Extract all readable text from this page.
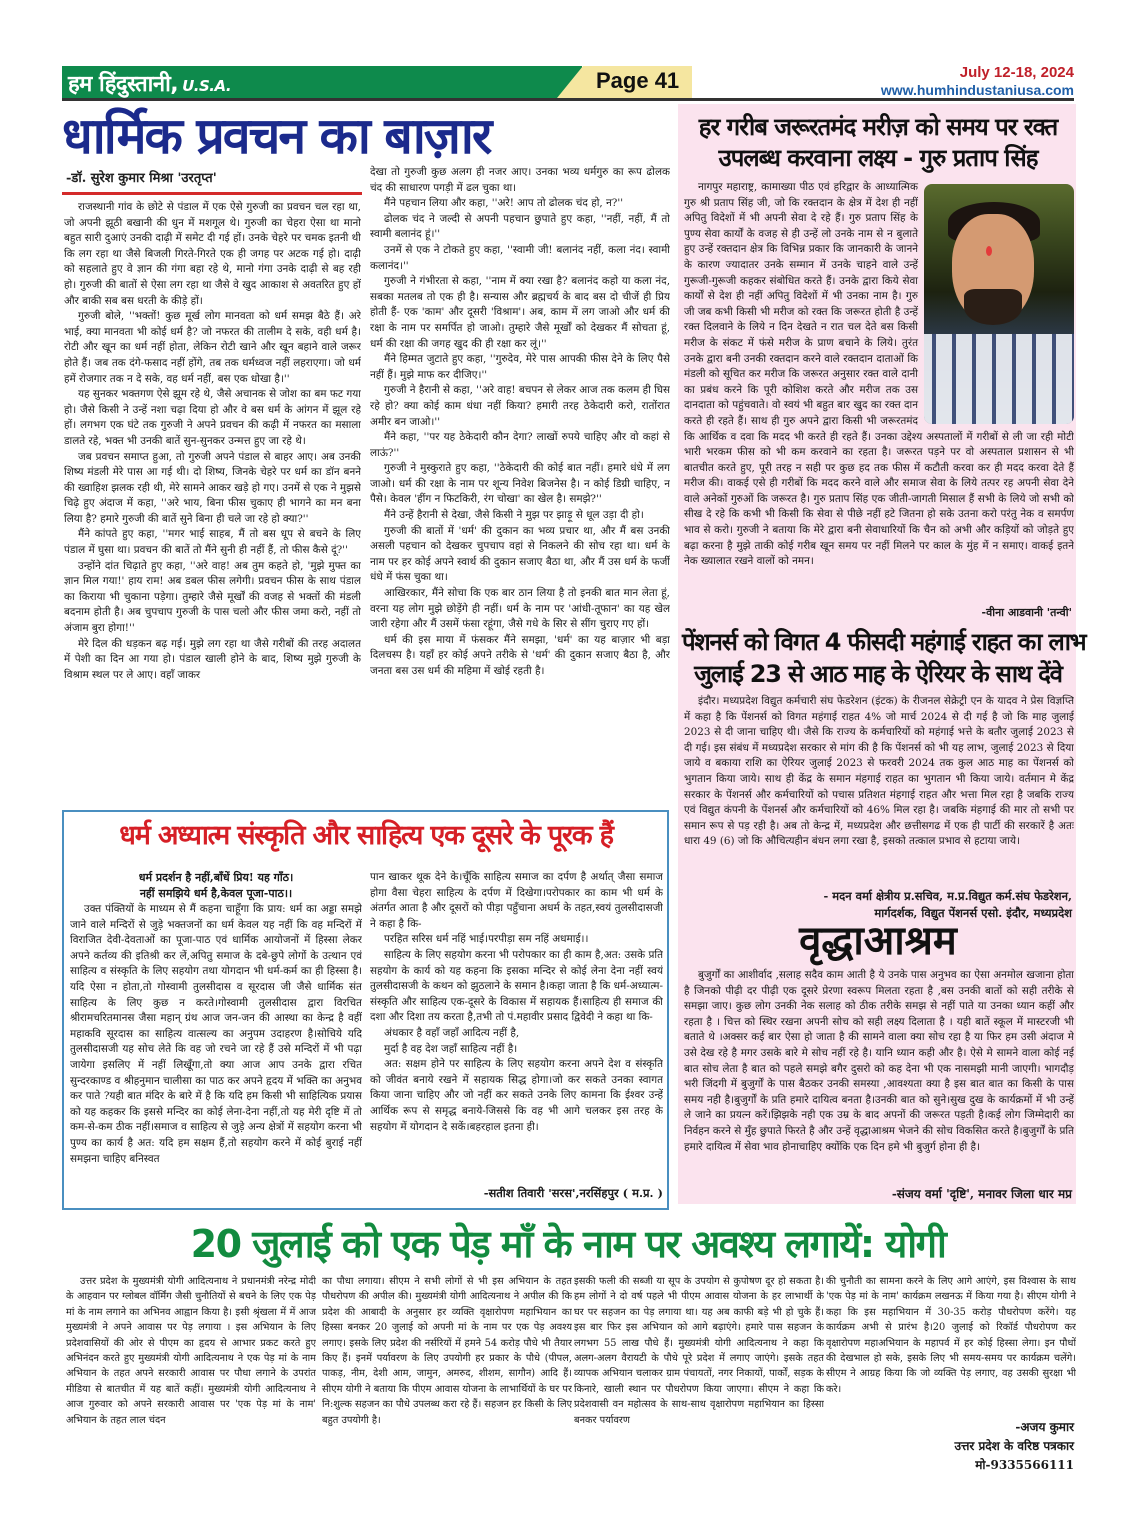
हम हिंदुस्तानी, U.S.A.	Page 41	July 12-18, 2024
www.humhindustaniusa.com
धार्मिक प्रवचन का बाज़ार
-डॉ. सुरेश कुमार मिश्रा 'उरतृप्त'

राजस्थानी गांव के छोटे से पंडाल में एक ऐसे गुरुजी का प्रवचन चल रहा था, जो अपनी झूठी बखानी की धुन में मशगूल थे। गुरुजी का चेहरा ऐसा था मानो बहुत सारी दुआएं उनकी दाढ़ी में समेट दी गई हों। उनके चेहरे पर चमक इतनी थी कि लग रहा था जैसे बिजली गिरते-गिरते एक ही जगह पर अटक गई हो। दाढ़ी को सहलाते हुए वे ज्ञान की गंगा बहा रहे थे, मानो गंगा उनके दाढ़ी से बह रही हो। गुरुजी की बातों से ऐसा लग रहा था जैसे वे खुद आकाश से अवतरित हुए हों और बाकी सब बस धरती के कीड़े हों।

गुरुजी बोले, ''भक्तों! कुछ मूर्ख लोग मानवता को धर्म समझ बैठे हैं। अरे भाई, क्या मानवता भी कोई धर्म है? जो नफरत की तालीम दे सके, वही धर्म है। रोटी और खून का धर्म नहीं होता, लेकिन रोटी खाने और खून बहाने वाले जरूर होते हैं। जब तक दंगे-फसाद नहीं होंगे, तब तक धर्मध्वज नहीं लहराएगा। जो धर्म हमें रोजगार तक न दे सके, वह धर्म नहीं, बस एक धोखा है।''

यह सुनकर भक्तगण ऐसे झूम रहे थे, जैसे अचानक से जोश का बम फट गया हो। जैसे किसी ने उन्हें नशा चढ़ा दिया हो और वे बस धर्म के आंगन में झूल रहे हों। लगभग एक घंटे तक गुरुजी ने अपने प्रवचन की कढ़ी में नफरत का मसाला डालते रहे, भक्त भी उनकी बातें सुन-सुनकर उन्मत्त हुए जा रहे थे।

जब प्रवचन समाप्त हुआ, तो गुरुजी अपने पंडाल से बाहर आए। अब उनकी शिष्य मंडली मेरे पास आ गई थी। दो शिष्य, जिनके चेहरे पर धर्म का डॉन बनने की ख्वाहिश झलक रही थी, मेरे सामने आकर खड़े हो गए। उनमें से एक ने मुझसे चिढ़े हुए अंदाज में कहा, ''अरे भाय, बिना फीस चुकाए ही भागने का मन बना लिया है? हमारे गुरुजी की बातें सुने बिना ही चले जा रहे हो क्या?''

मैंने कांपते हुए कहा, ''मगर भाई साहब, मैं तो बस धूप से बचने के लिए पंडाल में घुसा था। प्रवचन की बातें तो मैंने सुनी ही नहीं हैं, तो फीस कैसे दूं?''

उन्होंने दांत चिढ़ाते हुए कहा, ''अरे वाह! अब तुम कहते हो, 'मुझे मुफ्त का ज्ञान मिल गया!' हाय राम! अब डबल फीस लगेगी। प्रवचन फीस के साथ पंडाल का किराया भी चुकाना पड़ेगा। तुम्हारे जैसे मूर्खों की वजह से भक्तों की मंडली बदनाम होती है। अब चुपचाप गुरुजी के पास चलो और फीस जमा करो, नहीं तो अंजाम बुरा होगा!''

मेरे दिल की धड़कन बढ़ गई। मुझे लग रहा था जैसे गरीबों की तरह अदालत में पेशी का दिन आ गया हो। पंडाल खाली होने के बाद, शिष्य मुझे गुरुजी के विश्राम स्थल पर ले आए। वहाँ जाकर

देखा तो गुरुजी कुछ अलग ही नजर आए। उनका भव्य धर्मगुरु का रूप ढोलक चंद की साधारण पगड़ी में ढल चुका था।

मैंने पहचान लिया और कहा, ''अरे! आप तो ढोलक चंद हो, न?''

ढोलक चंद ने जल्दी से अपनी पहचान छुपाते हुए कहा, ''नहीं, नहीं, मैं तो स्वामी बलानंद हूं।''

उनमें से एक ने टोकते हुए कहा, ''स्वामी जी! बलानंद नहीं, कला नंद। स्वामी कलानंद।''

गुरुजी ने गंभीरता से कहा, ''नाम में क्या रखा है? बलानंद कहो या कला नंद, सबका मतलब तो एक ही है। सन्यास और ब्रह्मचर्य के बाद बस दो चीजें ही प्रिय होती हैं- एक 'काम' और दूसरी 'विश्राम'। अब, काम में लग जाओ और धर्म की रक्षा के नाम पर समर्पित हो जाओ। तुम्हारे जैसे मूर्खों को देखकर मैं सोचता हूं, धर्म की रक्षा की जगह खुद की ही रक्षा कर लूं।''

मैंने हिम्मत जुटाते हुए कहा, ''गुरुदेव, मेरे पास आपकी फीस देने के लिए पैसे नहीं हैं। मुझे माफ कर दीजिए।''

गुरुजी ने हैरानी से कहा, ''अरे वाह! बचपन से लेकर आज तक कलम ही घिस रहे हो? क्या कोई काम धंधा नहीं किया? हमारी तरह ठेकेदारी करो, रातोंरात अमीर बन जाओ।''

मैंने कहा, ''पर यह ठेकेदारी कौन देगा? लाखों रुपये चाहिए और वो कहां से लाऊं?''

गुरुजी ने मुस्कुराते हुए कहा, ''ठेकेदारी की कोई बात नहीं। हमारे धंधे में लग जाओ। धर्म की रक्षा के नाम पर शून्य निवेश बिजनेस है। न कोई डिग्री चाहिए, न पैसे। केवल 'हींग न फिटकिरी, रंग चोखा' का खेल है। समझे?''

मैंने उन्हें हैरानी से देखा, जैसे किसी ने मुझ पर झाड़ू से धूल उड़ा दी हो।

गुरुजी की बातों में 'धर्म' की दुकान का भव्य प्रचार था, और मैं बस उनकी असली पहचान को देखकर चुपचाप वहां से निकलने की सोच रहा था। धर्म के नाम पर हर कोई अपने स्वार्थ की दुकान सजाए बैठा था, और मैं उस धर्म के फर्जी धंधे में फंस चुका था।

आखिरकार, मैंने सोचा कि एक बार ठान लिया है तो इनकी बात मान लेता हूं, वरना यह लोग मुझे छोड़ेंगे ही नहीं। धर्म के नाम पर 'आंधी-तूफान' का यह खेल जारी रहेगा और मैं उसमें फंसा रहूंगा, जैसे गधे के सिर से सींग चुराए गए हों।

धर्म की इस माया में फंसकर मैंने समझा, 'धर्म' का यह बाज़ार भी बड़ा दिलचस्प है। यहाँ हर कोई अपने तरीके से 'धर्म' की दुकान सजाए बैठा है, और जनता बस उस धर्म की महिमा में खोई रहती है।

हर गरीब जरूरतमंद मरीज़ को समय पर रक्त उपलब्ध करवाना लक्ष्य - गुरु प्रताप सिंह

नागपुर महाराष्ट्र, कामाख्या पीठ एवं हरिद्वार के आध्यात्मिक गुरु श्री प्रताप सिंह जी, जो कि रक्तदान के क्षेत्र में देश ही नहीं अपितु विदेशों में भी अपनी सेवा दे रहे हैं। गुरु प्रताप सिंह के पुण्य सेवा कार्यों के वजह से ही उन्हें लो उनके नाम से न बुलाते हुए उन्हें रक्तदान क्षेत्र कि विभिन्न प्रकार कि जानकारी के जानने के कारण ज्यादातर उनके सम्मान में उनके चाहने वाले उन्हें गुरूजी-गुरूजी कहकर संबोधित करते हैं। उनके द्वारा किये सेवा कार्यों से देश ही नहीं अपितु विदेशों में भी उनका नाम है। गुरु जी जब कभी किसी भी मरीज को रक्त कि जरूरत होती है उन्हें रक्त दिलवाने के लिये न दिन देखते न रात चल देते बस किसी मरीज के संकट में फंसे मरीज के प्राण बचाने के लिये। तुरंत उनके द्वारा बनी उनकी रक्तदान करने वाले रक्तदान दाताओं कि मंडली को सूचित कर मरीज कि जरूरत अनुसार रक्त वाले दानी का प्रबंध करने कि पूरी कोशिश करते और मरीज तक उस दानदाता को पहुंचवाते। वो स्वयं भी बहुत बार खुद का रक्त दान करते ही रहते हैं। साथ ही गुरु अपने द्वारा किसी भी जरूरतमंद कि आर्थिक व दवा कि मदद भी करते ही रहते हैं। उनका उद्देश्य अस्पतालों में गरीबों से ली जा रही मोटी भारी भरकम फीस को भी कम करवाने का रहता है। जरूरत पड़ने पर वो अस्पताल प्रशासन से भी बातचीत करते हुए, पूरी तरह न सही पर कुछ हद तक फीस में कटौती करवा कर ही मदद करवा देते हैं मरीज की। वाकई एसे ही गरीबों कि मदद करने वाले और समाज सेवा के लिये तत्पर रह अपनी सेवा देने वाले अनेकों गुरुओं कि जरूरत है। गुरु प्रताप सिंह एक जीती-जागती मिसाल हैं सभी के लिये जो सभी को सीख दे रहे कि कभी भी किसी कि सेवा से पीछे नहीं हटे जितना हो सके उतना करो परंतु नेक व समर्पण भाव से करो। गुरुजी ने बताया कि मेरे द्वारा बनी सेवाधारियों कि चैन को अभी और कड़ियों को जोड़ते हुए बढ़ा करना है मुझे ताकी कोई गरीब खून समय पर नहीं मिलने पर काल के मुंह में न समाए। वाकई इतने नेक ख्यालात रखने वालों को नमन।

-वीना आडवानी 'तन्वी'
पेंशनर्स को विगत 4 फीसदी महंगाई राहत का लाभ
जुलाई 23 से आठ माह के ऐरियर के साथ देंवे

इंदौर। मध्यप्रदेश विद्युत कर्मचारी संघ फेडरेशन (इंटक) के रीजनल सेक्रेट्री एन के यादव ने प्रेस विज्ञप्ति में कहा है कि पेंशनर्स को विगत महंगाई राहत 4% जो मार्च 2024 से दी गई है जो कि माह जुलाई 2023 से दी जाना चाहिए थी। जैसे कि राज्य के कर्मचारियों को महंगाई भत्ते के बतौर जुलाई 2023 से दी गई। इस संबंध में मध्यप्रदेश सरकार से मांग की है कि पेंशनर्स को भी यह लाभ, जुलाई 2023 से दिया जाये व बकाया राशि का ऐरियर जुलाई 2023 से फरवरी 2024 तक कुल आठ माह का पेंशनर्स को भुगतान किया जाये। साथ ही केंद्र के समान मंहगाई राहत का भुगतान भी किया जाये। वर्तमान मे केंद्र सरकार के पेंशनर्स और कर्मचारियों को पचास प्रतिशत मंहगाई राहत और भत्ता मिल रहा है जबकि राज्य एवं विद्युत कंपनी के पेंशनर्स और कर्मचारियों को 46% मिल रहा है। जबकि मंहगाई की मार तो सभी पर समान रूप से पड़ रही है। अब तो केन्द्र में, मध्यप्रदेश और छत्तीसगढ में एक ही पार्टी की सरकारें है अतः धारा 49 (6) जो कि औचित्यहीन बंधन लगा रखा है, इसको तत्काल प्रभाव से हटाया जाये।

- मदन वर्मा क्षेत्रीय प्र.सचिव, म.प्र.विद्युत कर्म.संघ फेडरेशन,
मार्गदर्शक, विद्युत पेंशनर्स एसो. इंदौर, मध्यप्रदेश
वृद्धाआश्रम

बुजुर्गों का आशीर्वाद ,सलाह सदैव काम आती है ये उनके पास अनुभव का ऐसा अनमोल खजाना होता है जिनको पीढ़ी दर पीढ़ी एक दूसरे प्रेरणा स्वरूप मिलता रहता है ,बस उनकी बातों को सही तरीके से समझा जाए। कुछ लोग उनकी नेक सलाह को ठीक तरीके समझ से नहीं पाते या उनका ध्यान कहीं और रहता है । चित्त को स्थिर रखना अपनी सोच को सही लक्ष्य दिलाता है । यही बातें स्कूल में मास्टरजी भी बताते थे ।अक्सर कई बार ऐसा हो जाता है की सामने वाला क्या सोच रहा है या फिर हम उसी अंदाज मे उसे देख रहे है मगर उसके बारे मे सोच नहीं रहे है। यानि ध्यान कही और है। ऐसे मे सामने वाला कोई नई बात सोच लेता है बात को पहले समझे बगैर दुसरो को कह देना भी एक नासमझी मानी जाएगी। भागदौड़ भरी जिंदगी में बुजुर्गों के पास बैठकर उनकी समस्या ,आवश्यता क्या है इस बात बात का किसी के पास समय नही है।बुजुर्गों के प्रति हमारे दायित्व बनता है।उनकी बात को सुने।सुख दुख के कार्यक्रमों में भी उन्हें ले जाने का प्रयत्न करें।झिझके नही एक उम्र के बाद अपनों की जरूरत पड़ती है।कई लोग जिम्मेदारी का निर्वहन करने से मुँह छुपाते फिरते है और उन्हें वृद्धाआश्रम भेजने की सोच विकसित करते है।बुजुर्गों के प्रति हमारे दायित्व में सेवा भाव होनाचाहिए क्योंकि एक दिन हमे भी बुजुर्ग होना ही है।

-संजय वर्मा 'दृष्टि', मनावर जिला धार मप्र
धर्म अध्यात्म संस्कृति और साहित्य एक दूसरे के पूरक हैं
धर्म प्रदर्शन है नहीं,बाँधें प्रिय! यह गाँठ।
नहीं समझिये धर्म है,केवल पूजा-पाठ।।

उक्त पंक्तियों के माध्यम से मैं कहना चाहूँगा कि प्राय: धर्म का अड्डा समझे जाने वाले मन्दिरों से जुड़े भक्तजनों का धर्म केवल यह नहीं कि वह मन्दिरों में विराजित देवी-देवताओं का पूजा-पाठ एवं धार्मिक आयोजनों में हिस्सा लेकर अपने कर्तव्य की इतिश्री कर लें,अपितु समाज के दबे-छुपे लोगों के उत्थान एवं साहित्य व संस्कृति के लिए सहयोग तथा योगदान भी धर्म-कर्म का ही हिस्सा है।यदि ऐसा न होता,तो गोस्वामी तुलसीदास व सूरदास जी जैसे धार्मिक संत साहित्य के लिए कुछ न करते।गोस्वामी तुलसीदास द्वारा विरचित श्रीरामचरितमानस जैसा महान् ग्रंथ आज जन-जन की आस्था का केन्द्र है वहीं महाकवि सूरदास का साहित्य वात्सल्य का अनुपम उदाहरण है।सोचिये यदि तुलसीदासजी यह सोच लेते कि वह जो रचने जा रहे हैं उसे मन्दिरों में भी पढ़ा जायेगा इसलिए में नहीं लिखूँगा,तो क्या आज आप उनके द्वारा रचित सुन्दरकाण्ड व श्रीहनुमान चालीसा का पाठ कर अपने हृदय में भक्ति का अनुभव कर पाते ?यही बात मंदिर के बारे में है कि यदि हम किसी भी साहित्यिक प्रयास को यह कहकर कि इससे मन्दिर का कोई लेना-देना नहीं,तो यह मेरी दृष्टि में तो कम-से-कम ठीक नहीं।समाज व साहित्य से जुड़े अन्य क्षेत्रों में सहयोग करना भी पुण्य का कार्य है अत: यदि हम सक्षम हैं,तो सहयोग करने में कोई बुराई नहीं समझना चाहिए बनिस्वत

पान खाकर थूक देने के।चूँकि साहित्य समाज का दर्पण है अर्थात् जैसा समाज होगा वैसा चेहरा साहित्य के दर्पण में दिखेगा।परोपकार का काम भी धर्म के अंतर्गत आता है और दूसरों को पीड़ा पहुँचाना अधर्म के तहत,स्वयं तुलसीदासजी ने कहा है कि-

परहित सरिस धर्म नहिं भाई।परपीड़ा सम नहिं अधमाई।।

साहित्य के लिए सहयोग करना भी परोपकार का ही काम है,अत: उसके प्रति सहयोग के कार्य को यह कहना कि इसका मन्दिर से कोई लेना देना नहीं स्वयं तुलसीदासजी के कथन को झुठलाने के समान है।कहा जाता है कि धर्म-अध्यात्म-संस्कृति और साहित्य एक-दूसरे के विकास में सहायक हैं।साहित्य ही समाज की दशा और दिशा तय करता है,तभी तो पं.महावीर प्रसाद द्विवेदी ने कहा था कि-

अंधकार है वहाँ जहाँ आदित्य नहीं है,

मुर्दा है वह देश जहाँ साहित्य नहीं है।

अत: सक्षम होने पर साहित्य के लिए सहयोग करना अपने देश व संस्कृति को जीवंत बनाये रखने में सहायक सिद्ध होगा।जो कर सकते उनका स्वागत किया जाना चाहिए और जो नहीं कर सकते उनके लिए कामना कि ईश्वर उन्हें आर्थिक रूप से समृद्ध बनाये-जिससे कि वह भी आगे चलकर इस तरह के सहयोग में योगदान दे सकें।बहरहाल इतना ही।

-सतीश तिवारी 'सरस',नरसिंहपुर ( म.प्र. )
20 जुलाई को एक पेड़ माँ के नाम पर अवश्य लगायें: योगी

उत्तर प्रदेश के मुख्यमंत्री योगी आदित्यनाथ ने प्रधानमंत्री नरेन्द्र मोदी के आहवान पर ग्लोबल वॉर्मिंग जैसी चुनौतियों से बचने के लिए एक पेड़ मां के नाम लगाने का अभिनव आह्वान किया है। इसी श्रृंखला में में आज मुख्यमंत्री ने अपने आवास पर पेड़ लगाया । इस अभियान के लिए प्रदेशवासियों की ओर से पीएम का हृदय से आभार प्रकट करते हुए अभिनंदन करते हुए मुख्यमंत्री योगी आदित्यनाथ ने एक पेड़ मां के नाम अभियान के तहत अपने सरकारी आवास पर पौधा लगाने के उपरांत मीडिया से बातचीत में यह बातें कहीं। मुख्यमंत्री योगी आदित्यनाथ ने आज गुरुवार को अपने सरकारी आवास पर 'एक पेड़ मां के नाम' अभियान के तहत लाल चंदन

का पौधा लगाया। सीएम ने सभी लोगों से भी इस अभियान के तहत पौधरोपण की अपील की। मुख्यमंत्री योगी आदित्यनाथ ने अपील की कि प्रदेश की आबादी के अनुसार हर व्यक्ति वृक्षारोपण महाभियान का हिस्सा बनकर 20 जुलाई को अपनी मां के नाम पर एक पेड़ अवश्य लगाए। इसके लिए प्रदेश की नर्सरियों में हमने 54 करोड़ पौधे भी तैयार किए हैं। इनमें पर्यावरण के लिए उपयोगी हर प्रकार के पौधे (पीपल, पाकड़, नीम, देशी आम, जामुन, अमरुद, शीशम, सागौन) आदि हैं। सीएम योगी ने बताया कि पीएम आवास योजना के लाभार्थियों के घर पर नि:शुल्क सहजन का पौधे उपलब्ध करा रहे हैं। सहजन हर किसी के लिए बहुत उपयोगी है।

इसकी फली की सब्जी या सूप के उपयोग से कुपोषण दूर हो सकता है। हम लोगों ने दो वर्ष पहले भी पीएम आवास योजना के हर लाभार्थी के घर पर सहजन का पेड़ लगाया था। यह अब काफी बड़े भी हो चुके हैं। इस बार फिर इस अभियान को आगे बढ़ाएंगे। हमारे पास सहजन के लगभग 55 लाख पौधे हैं। मुख्यमंत्री योगी आदित्यनाथ ने कहा कि अलग-अलग वैरायटी के पौधे पूरे प्रदेश में लगाए जाएंगे। इसके तहत व्यापक अभियान चलाकर ग्राम पंचायतों, नगर निकायों, पार्कों, सड़क के किनारे, खाली स्थान पर पौधरोपण किया जाएगा। सीएम ने कहा कि प्रदेशवासी वन महोत्सव के साथ-साथ वृक्षारोपण महाभियान का हिस्सा बनकर पर्यावरण

की चुनौती का सामना करने के लिए आगे आएंगे, इस विश्वास के साथ 'एक पेड़ मां के नाम' कार्यक्रम लखनऊ में किया गया है। सीएम योगी ने कहा कि इस महाभियान में 30-35 करोड़ पौधरोपण करेंगे। यह कार्यक्रम अभी से प्रारंभ है।20 जुलाई को रिकॉर्ड पौधरोपण कर वृक्षारोपण महाअभियान के महापर्व में हर कोई हिस्सा लेगा। इन पौधों की देखभाल हो सके, इसके लिए भी समय-समय पर कार्यक्रम चलेंगे। सीएम ने आग्रह किया कि जो व्यक्ति पेड़ लगाए, वह उसकी सुरक्षा भी करे।

-अजय कुमार
उत्तर प्रदेश के वरिष्ठ पत्रकार
मो-9335566111
